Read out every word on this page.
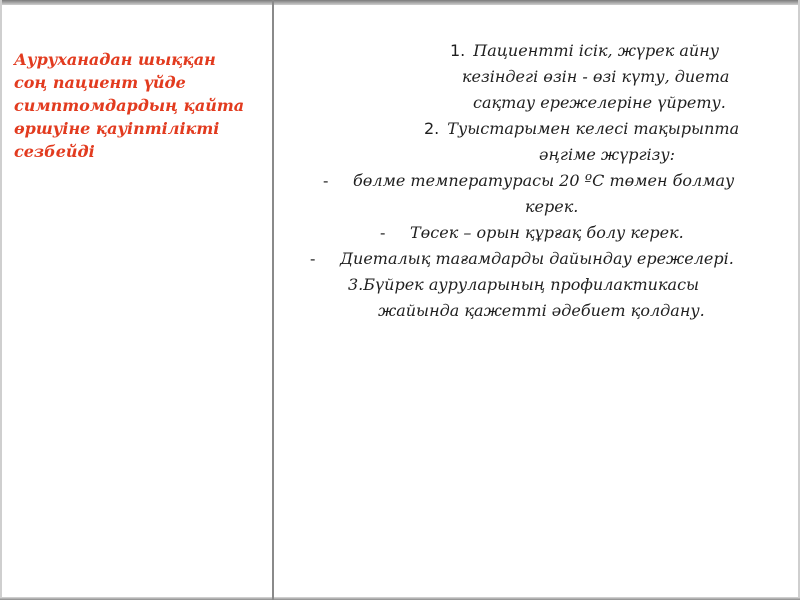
Ауруханадан шыққан
соң пациент үйде
симптомдардың қайта
өршуіне қауіптілікті
сезбейді
1. Пациентті ісік, жүрек айну
кезіндегі өзін - өзі күту, диета
сақтау ережелеріне үйрету.
2. Туыстарымен келесі тақырыпта
әңгіме жүргізу:
- бөлме температурасы 20 ºС төмен болмау
керек.
- Төсек – орын құрғақ болу керек.
- Диеталық тағамдарды дайындау ережелері.
3.Бүйрек ауруларының профилактикасы
жайында қажетті әдебиет қолдану.
